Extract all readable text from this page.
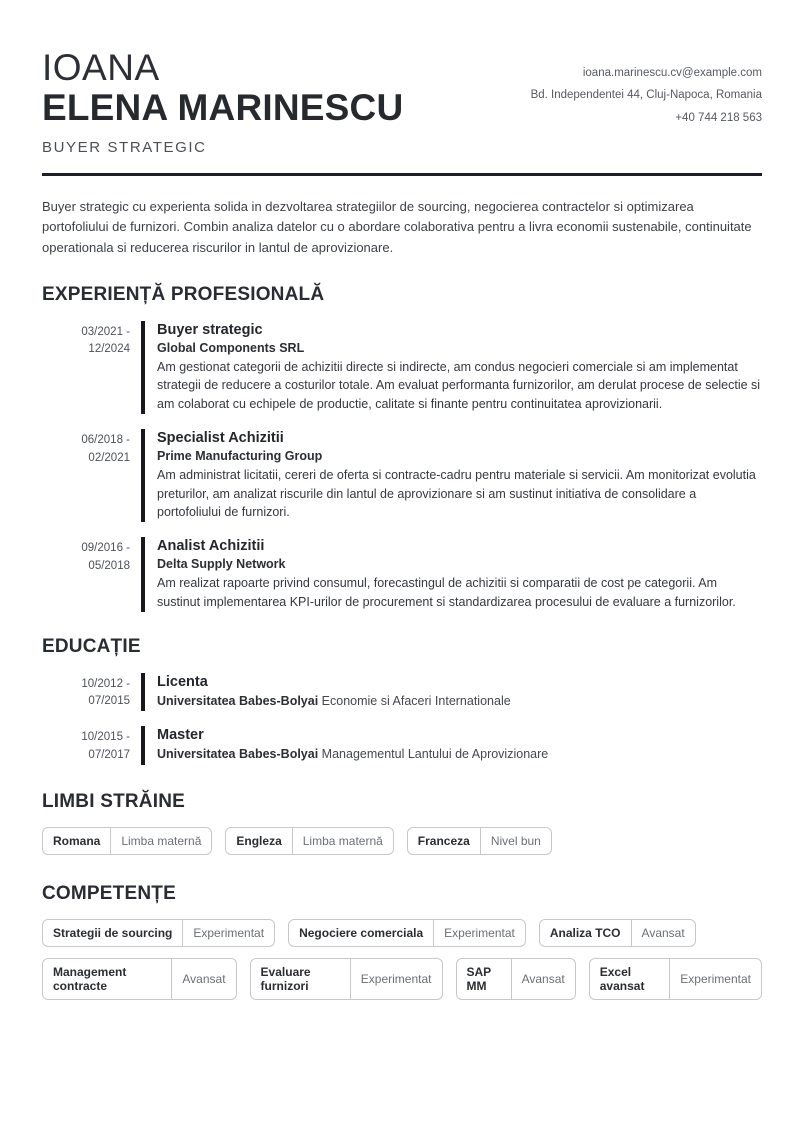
IOANA
ELENA MARINESCU
BUYER STRATEGIC
ioana.marinescu.cv@example.com
Bd. Independentei 44, Cluj-Napoca, Romania
+40 744 218 563

Buyer strategic cu experienta solida in dezvoltarea strategiilor de sourcing, negocierea contractelor si optimizarea portofoliului de furnizori. Combin analiza datelor cu o abordare colaborativa pentru a livra economii sustenabile, continuitate operationala si reducerea riscurilor in lantul de aprovizionare.

EXPERIENȚĂ PROFESIONALĂ
03/2021 -
12/2024
Buyer strategic
Global Components SRL

Am gestionat categorii de achizitii directe si indirecte, am condus negocieri comerciale si am implementat strategii de reducere a costurilor totale. Am evaluat performanta furnizorilor, am derulat procese de selectie si am colaborat cu echipele de productie, calitate si finante pentru continuitatea aprovizionarii.

06/2018 -
02/2021
Specialist Achizitii
Prime Manufacturing Group

Am administrat licitatii, cereri de oferta si contracte-cadru pentru materiale si servicii. Am monitorizat evolutia preturilor, am analizat riscurile din lantul de aprovizionare si am sustinut initiativa de consolidare a portofoliului de furnizori.

09/2016 -
05/2018
Analist Achizitii
Delta Supply Network

Am realizat rapoarte privind consumul, forecastingul de achizitii si comparatii de cost pe categorii. Am sustinut implementarea KPI-urilor de procurement si standardizarea procesului de evaluare a furnizorilor.

EDUCAȚIE
10/2012 -
07/2015
Licenta
Universitatea Babes-Bolyai Economie si Afaceri Internationale
10/2015 -
07/2017
Master
Universitatea Babes-Bolyai Managementul Lantului de Aprovizionare
LIMBI STRĂINE
Romana	Limba maternă	Engleza	Limba maternă	Franceza	Nivel bun
COMPETENȚE
Strategii de sourcing	Experimentat	Negociere comerciala	Experimentat	Analiza TCO	Avansat
Management contracte	Avansat	Evaluare furnizori	Experimentat	SAP MM	Avansat	Excel avansat	Experimentat
